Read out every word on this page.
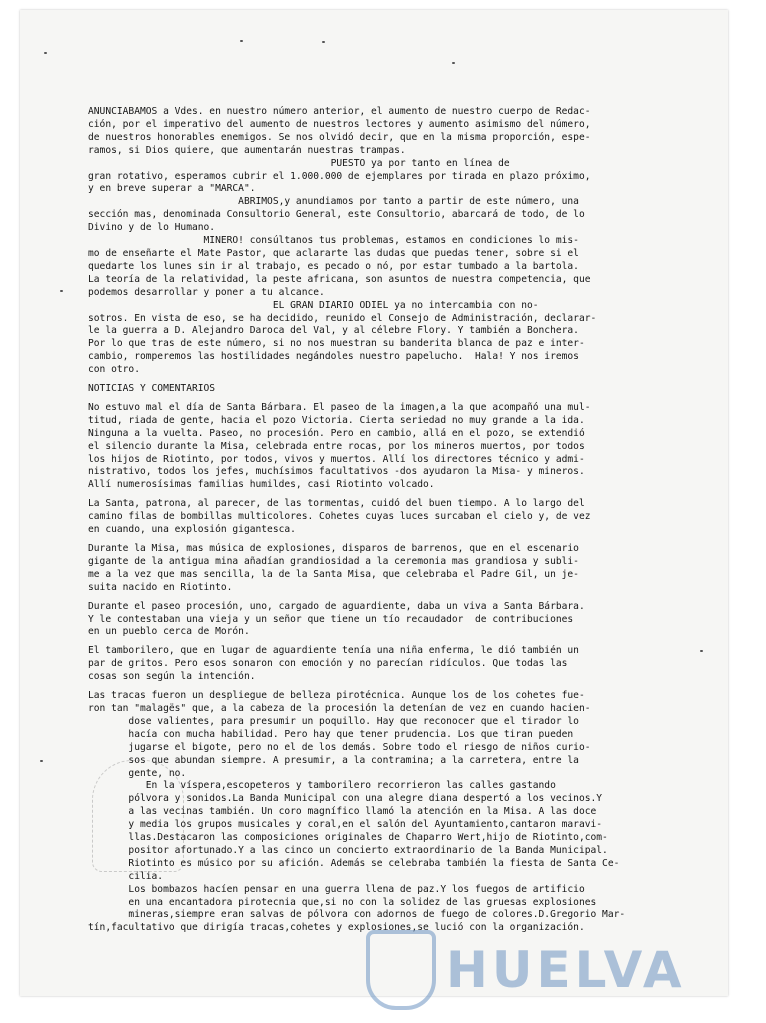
ANUNCIABAMOS a Vdes. en nuestro número anterior, el aumento de nuestro cuerpo de Redac-

ción, por el imperativo del aumento de nuestros lectores y aumento asimismo del número,

de nuestros honorables enemigos. Se nos olvidó decir, que en la misma proporción, espe-

ramos, si Dios quiere, que aumentarán nuestras trampas.

PUESTO ya por tanto en línea de

gran rotativo, esperamos cubrir el 1.000.000 de ejemplares por tirada en plazo próximo,

y en breve superar a "MARCA".

ABRIMOS,y anundiamos por tanto a partir de este número, una

sección mas, denominada Consultorio General, este Consultorio, abarcará de todo, de lo

Divino y de lo Humano.

MINERO! consúltanos tus problemas, estamos en condiciones lo mis-

mo de enseñarte el Mate Pastor, que aclararte las dudas que puedas tener, sobre si el

quedarte los lunes sin ir al trabajo, es pecado o nó, por estar tumbado a la bartola.

La teoría de la relatividad, la peste africana, son asuntos de nuestra competencia, que

podemos desarrollar y poner a tu alcance.

EL GRAN DIARIO ODIEL ya no intercambia con no-

sotros. En vista de eso, se ha decidido, reunido el Consejo de Administración, declarar-

le la guerra a D. Alejandro Daroca del Val, y al célebre Flory. Y también a Bonchera.

Por lo que tras de este número, si no nos muestran su banderita blanca de paz e inter-

cambio, romperemos las hostilidades negándoles nuestro papelucho.  Hala! Y nos iremos

con otro.

NOTICIAS Y COMENTARIOS

No estuvo mal el día de Santa Bárbara. El paseo de la imagen,a la que acompañó una mul-

titud, riada de gente, hacia el pozo Victoria. Cierta seriedad no muy grande a la ida.

Ninguna a la vuelta. Paseo, no procesión. Pero en cambio, allá en el pozo, se extendió

el silencio durante la Misa, celebrada entre rocas, por los mineros muertos, por todos

los hijos de Riotinto, por todos, vivos y muertos. Allí los directores técnico y admi-

nistrativo, todos los jefes, muchísimos facultativos -dos ayudaron la Misa- y mineros.

Allí numerosísimas familias humildes, casi Riotinto volcado.

La Santa, patrona, al parecer, de las tormentas, cuidó del buen tiempo. A lo largo del

camino filas de bombillas multicolores. Cohetes cuyas luces surcaban el cielo y, de vez

en cuando, una explosión gigantesca.

Durante la Misa, mas música de explosiones, disparos de barrenos, que en el escenario

gigante de la antigua mina añadían grandiosidad a la ceremonia mas grandiosa y subli-

me a la vez que mas sencilla, la de la Santa Misa, que celebraba el Padre Gil, un je-

suita nacido en Riotinto.

Durante el paseo procesión, uno, cargado de aguardiente, daba un viva a Santa Bárbara.

Y le contestaban una vieja y un señor que tiene un tío recaudador  de contribuciones

en un pueblo cerca de Morón.

El tamborilero, que en lugar de aguardiente tenía una niña enferma, le dió también un

par de gritos. Pero esos sonaron con emoción y no parecían ridículos. Que todas las

cosas son según la intención.

Las tracas fueron un despliegue de belleza pirotécnica. Aunque los de los cohetes fue-

ron tan "malagës" que, a la cabeza de la procesión la detenían de vez en cuando hacien-

dose valientes, para presumir un poquillo. Hay que reconocer que el tirador lo

hacía con mucha habilidad. Pero hay que tener prudencia. Los que tiran pueden

jugarse el bigote, pero no el de los demás. Sobre todo el riesgo de niños curio-

sos que abundan siempre. A presumir, a la contramina; a la carretera, entre la

gente, no.

En la víspera,escopeteros y tamborilero recorrieron las calles gastando

pólvora y sonidos.La Banda Municipal con una alegre diana despertó a los vecinos.Y

a las vecinas también. Un coro magnífico llamó la atención en la Misa. A las doce

y media los grupos musicales y coral,en el salón del Ayuntamiento,cantaron maravi-

llas.Destacaron las composiciones originales de Chaparro Wert,hijo de Riotinto,com-

positor afortunado.Y a las cinco un concierto extraordinario de la Banda Municipal.

Riotinto es músico por su afición. Además se celebraba también la fiesta de Santa Ce-

cilia.

Los bombazos hacíen pensar en una guerra llena de paz.Y los fuegos de artificio

en una encantadora pirotecnia que,si no con la solidez de las gruesas explosiones

mineras,siempre eran salvas de pólvora con adornos de fuego de colores.D.Gregorio Mar-

tín,facultativo que dirigía tracas,cohetes y explosiones,se lució con la organización.

HUELVA
